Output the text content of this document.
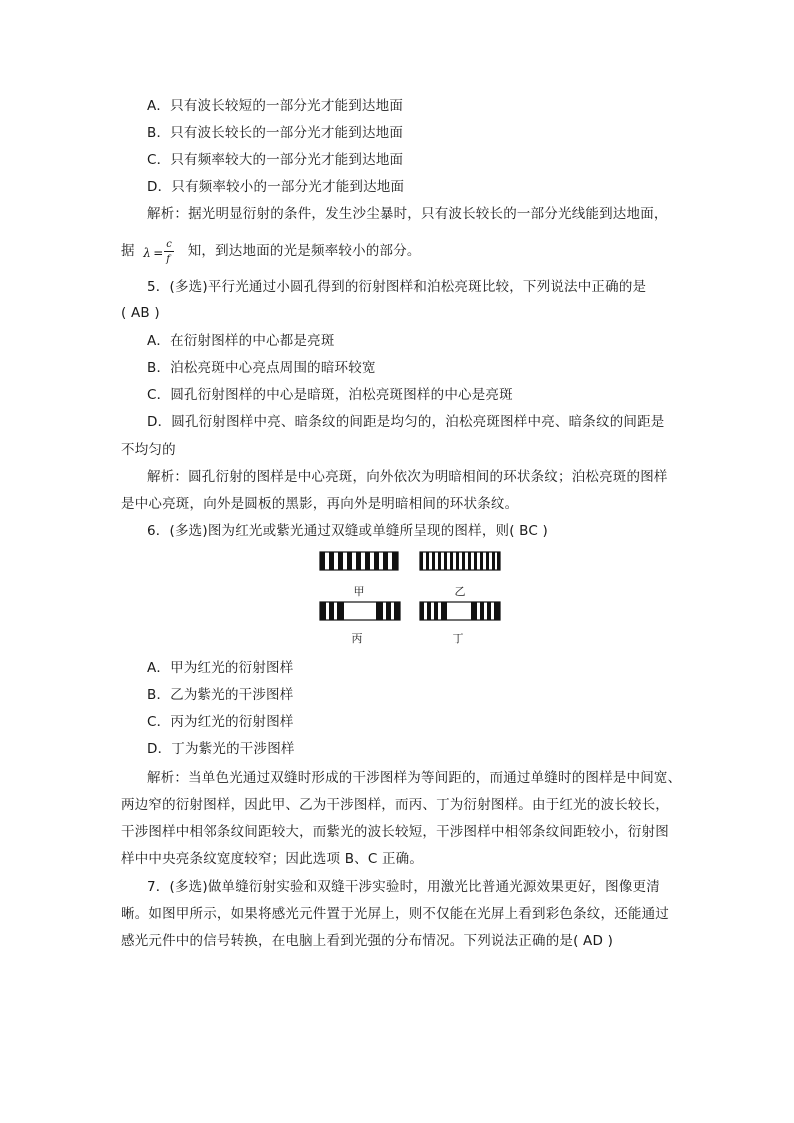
A．只有波长较短的一部分光才能到达地面
B．只有波长较长的一部分光才能到达地面
C．只有频率较大的一部分光才能到达地面
D．只有频率较小的一部分光才能到达地面
解析：据光明显衍射的条件，发生沙尘暴时，只有波长较长的一部分光线能到达地面，
据 λ =
c
f
知，到达地面的光是频率较小的部分。
5．(多选)平行光通过小圆孔得到的衍射图样和泊松亮斑比较，下列说法中正确的是
( AB )
A．在衍射图样的中心都是亮斑
B．泊松亮斑中心亮点周围的暗环较宽
C．圆孔衍射图样的中心是暗斑，泊松亮斑图样的中心是亮斑
D．圆孔衍射图样中亮、暗条纹的间距是均匀的，泊松亮斑图样中亮、暗条纹的间距是
不均匀的
解析：圆孔衍射的图样是中心亮斑，向外依次为明暗相间的环状条纹；泊松亮斑的图样
是中心亮斑，向外是圆板的黑影，再向外是明暗相间的环状条纹。
6．(多选)图为红光或紫光通过双缝或单缝所呈现的图样，则( BC )
甲	乙
丙	丁
A．甲为红光的衍射图样
B．乙为紫光的干涉图样
C．丙为红光的衍射图样
D．丁为紫光的干涉图样
解析：当单色光通过双缝时形成的干涉图样为等间距的，而通过单缝时的图样是中间宽、
两边窄的衍射图样，因此甲、乙为干涉图样，而丙、丁为衍射图样。由于红光的波长较长，
干涉图样中相邻条纹间距较大，而紫光的波长较短，干涉图样中相邻条纹间距较小，衍射图
样中中央亮条纹宽度较窄；因此选项 B、C 正确。
7．(多选)做单缝衍射实验和双缝干涉实验时，用激光比普通光源效果更好，图像更清
晰。如图甲所示，如果将感光元件置于光屏上，则不仅能在光屏上看到彩色条纹，还能通过
感光元件中的信号转换，在电脑上看到光强的分布情况。下列说法正确的是( AD )
